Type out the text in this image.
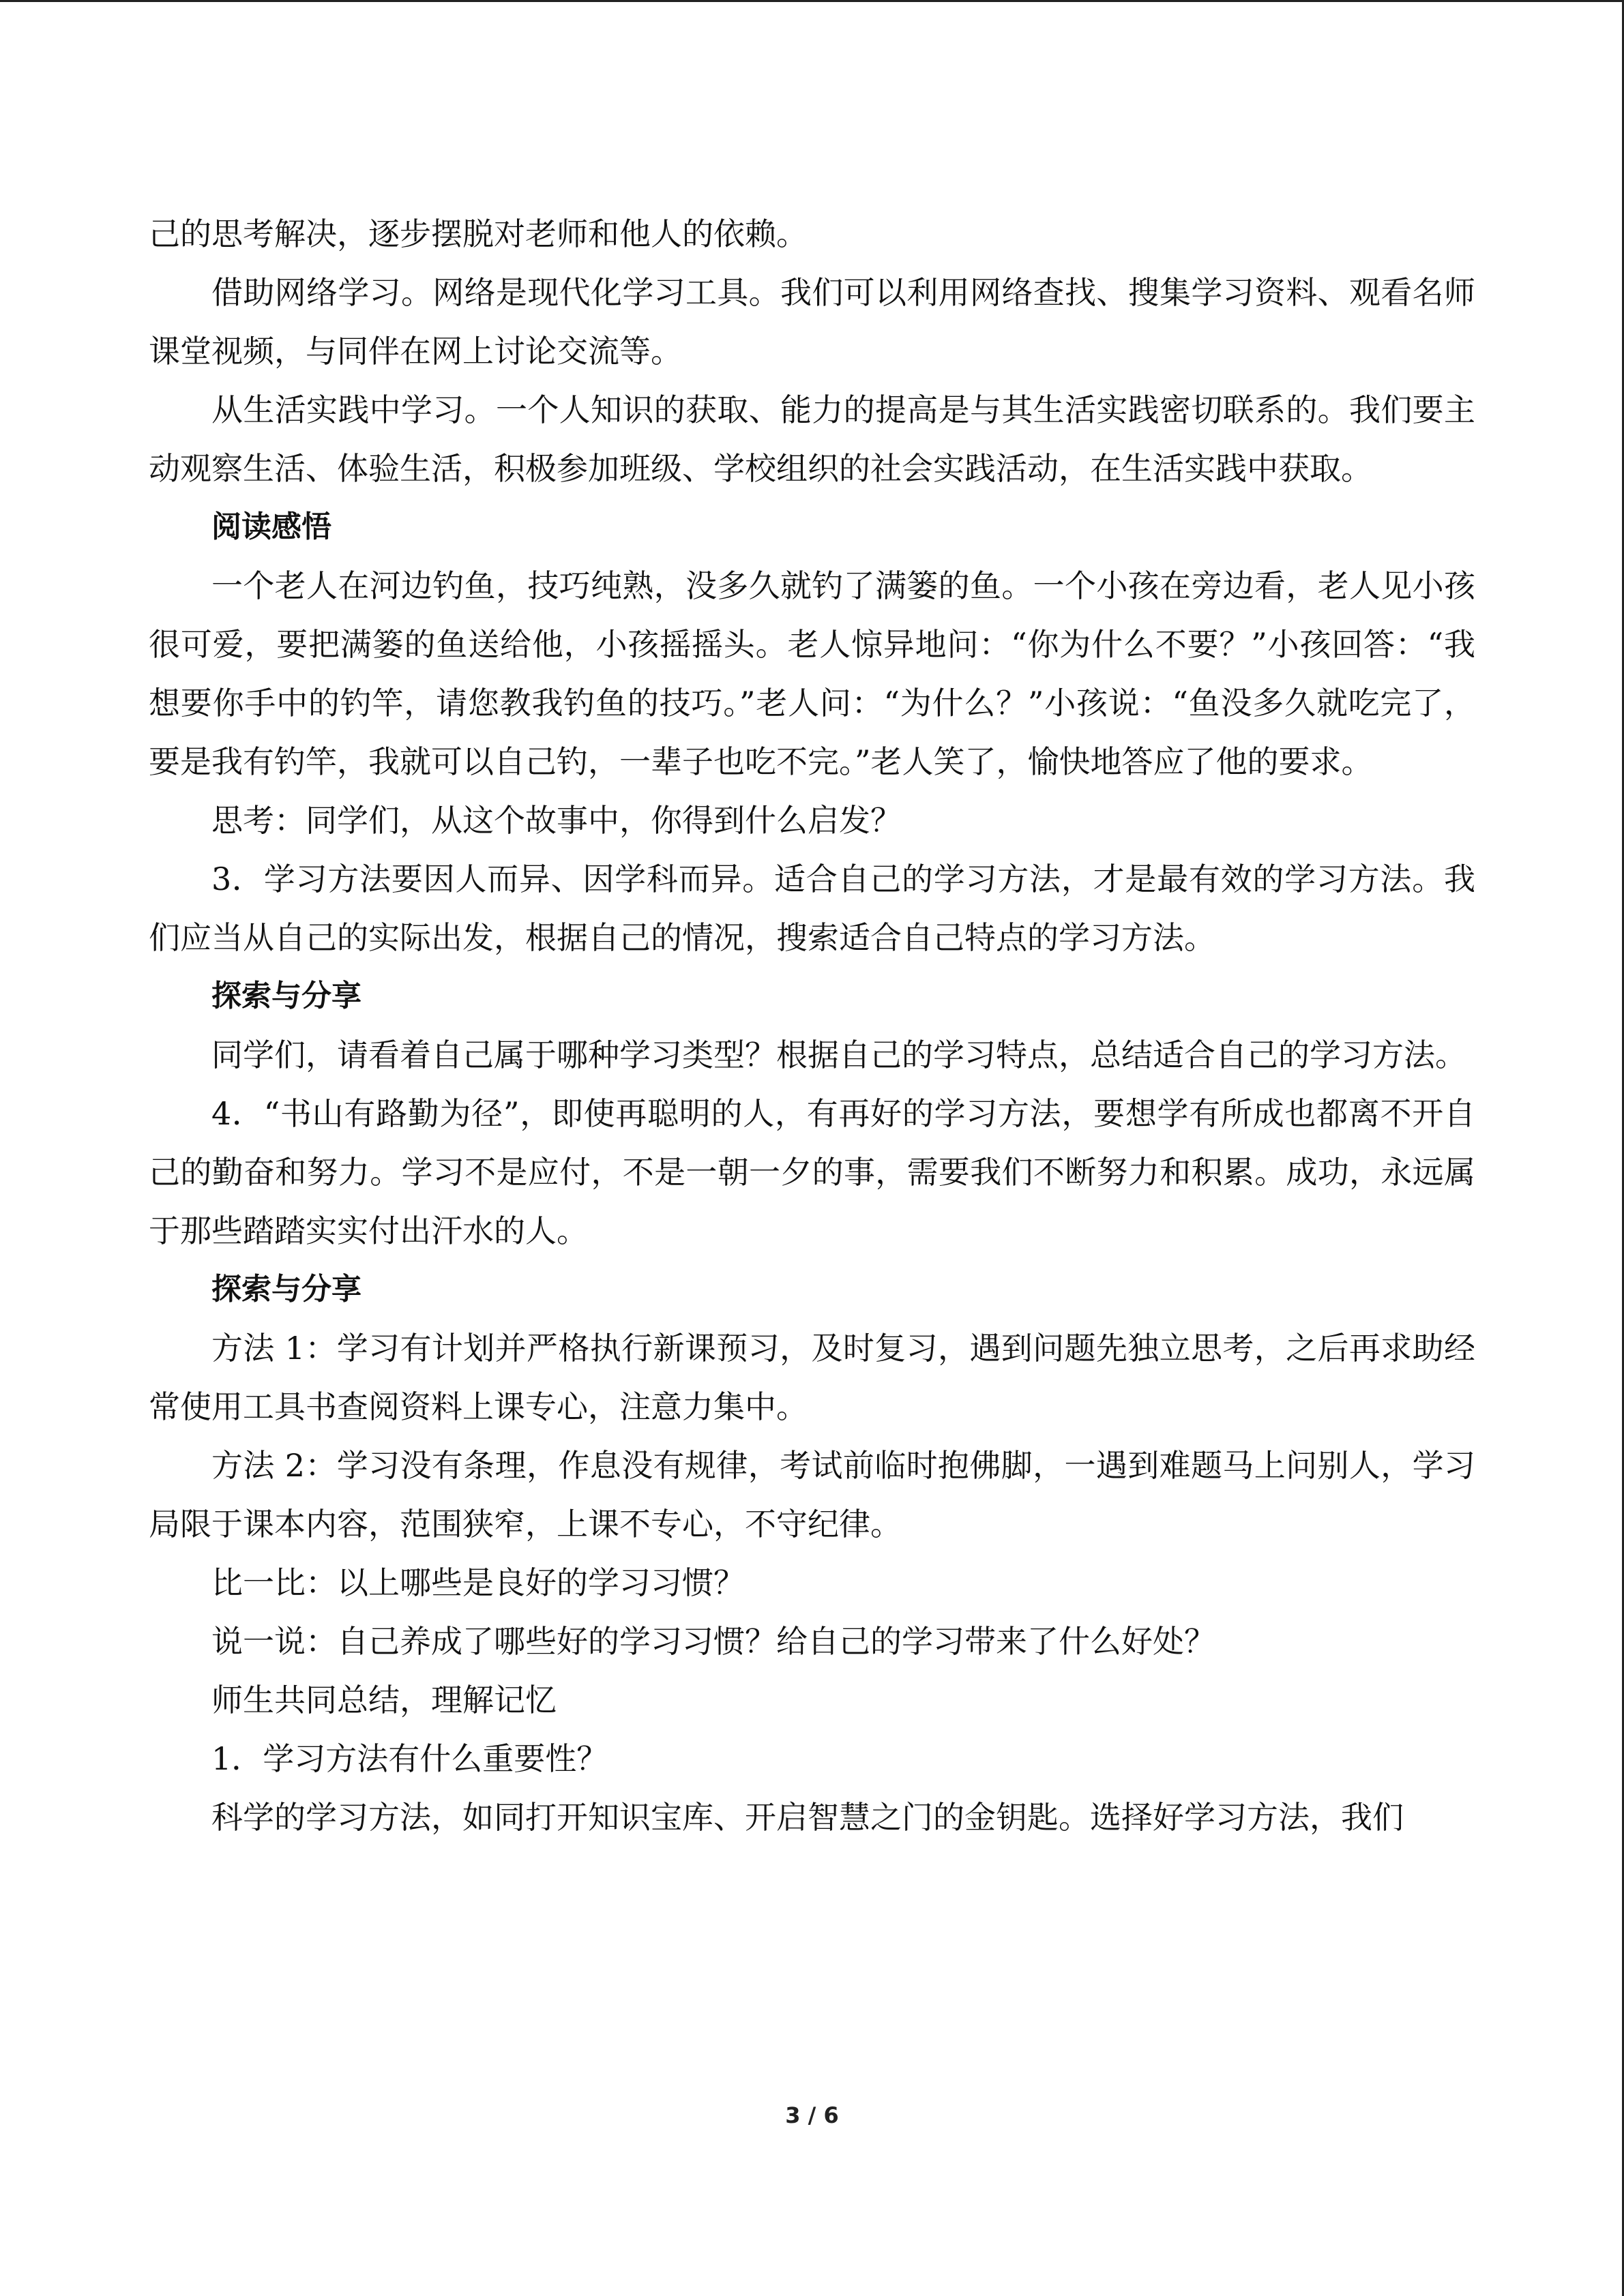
己的思考解决，逐步摆脱对老师和他人的依赖。

借助网络学习。网络是现代化学习工具。我们可以利用网络查找、搜集学习资料、观看名师课堂视频，与同伴在网上讨论交流等。

从生活实践中学习。一个人知识的获取、能力的提高是与其生活实践密切联系的。我们要主动观察生活、体验生活，积极参加班级、学校组织的社会实践活动，在生活实践中获取。

阅读感悟

一个老人在河边钓鱼，技巧纯熟，没多久就钓了满篓的鱼。一个小孩在旁边看，老人见小孩很可爱，要把满篓的鱼送给他，小孩摇摇头。老人惊异地问：“你为什么不要？”小孩回答：“我想要你手中的钓竿，请您教我钓鱼的技巧。”老人问：“为什么？”小孩说：“鱼没多久就吃完了，要是我有钓竿，我就可以自己钓，一辈子也吃不完。”老人笑了，愉快地答应了他的要求。

思考：同学们，从这个故事中，你得到什么启发？

3．学习方法要因人而异、因学科而异。适合自己的学习方法，才是最有效的学习方法。我们应当从自己的实际出发，根据自己的情况，搜索适合自己特点的学习方法。

探索与分享

同学们，请看着自己属于哪种学习类型？根据自己的学习特点，总结适合自己的学习方法。

4．“书山有路勤为径”，即使再聪明的人，有再好的学习方法，要想学有所成也都离不开自己的勤奋和努力。学习不是应付，不是一朝一夕的事，需要我们不断努力和积累。成功，永远属于那些踏踏实实付出汗水的人。

探索与分享

方法 1：学习有计划并严格执行新课预习，及时复习，遇到问题先独立思考，之后再求助经常使用工具书查阅资料上课专心，注意力集中。

方法 2：学习没有条理，作息没有规律，考试前临时抱佛脚，一遇到难题马上问别人，学习局限于课本内容，范围狭窄，上课不专心，不守纪律。

比一比：以上哪些是良好的学习习惯？

说一说：自己养成了哪些好的学习习惯？给自己的学习带来了什么好处？

师生共同总结，理解记忆

1．学习方法有什么重要性？

科学的学习方法，如同打开知识宝库、开启智慧之门的金钥匙。选择好学习方法，我们

3 / 6
